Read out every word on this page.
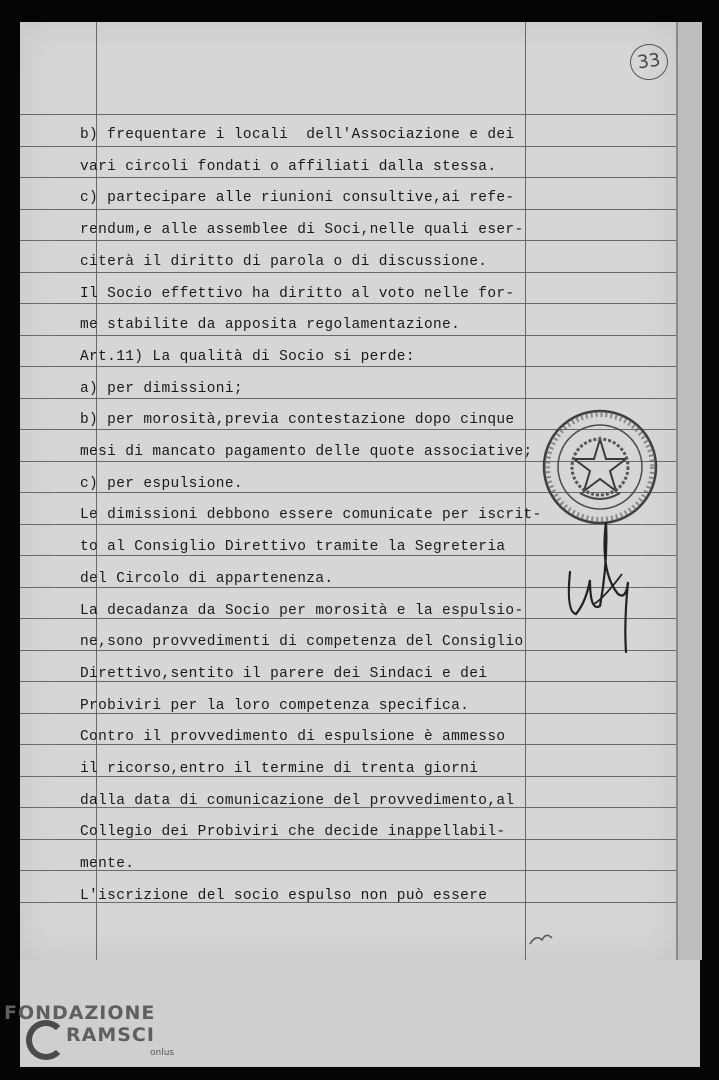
b) frequentare i locali  dell'Associazione e dei
vari circoli fondati o affiliati dalla stessa.
c) partecipare alle riunioni consultive,ai refe-
rendum,e alle assemblee di Soci,nelle quali eser-
citerà il diritto di parola o di discussione.
Il Socio effettivo ha diritto al voto nelle for-
me stabilite da apposita regolamentazione.
Art.11) La qualità di Socio si perde:
a) per dimissioni;
b) per morosità,previa contestazione dopo cinque
mesi di mancato pagamento delle quote associative;
c) per espulsione.
Le dimissioni debbono essere comunicate per iscrit-
to al Consiglio Direttivo tramite la Segreteria
del Circolo di appartenenza.
La decadanza da Socio per morosità e la espulsio-
ne,sono provvedimenti di competenza del Consiglio
Direttivo,sentito il parere dei Sindaci e dei
Probiviri per la loro competenza specifica.
Contro il provvedimento di espulsione è ammesso
il ricorso,entro il termine di trenta giorni
dalla data di comunicazione del provvedimento,al
Collegio dei Probiviri che decide inappellabil-
mente.
L'iscrizione del socio espulso non può essere
33
FONDAZIONE
RAMSCI
onlus
